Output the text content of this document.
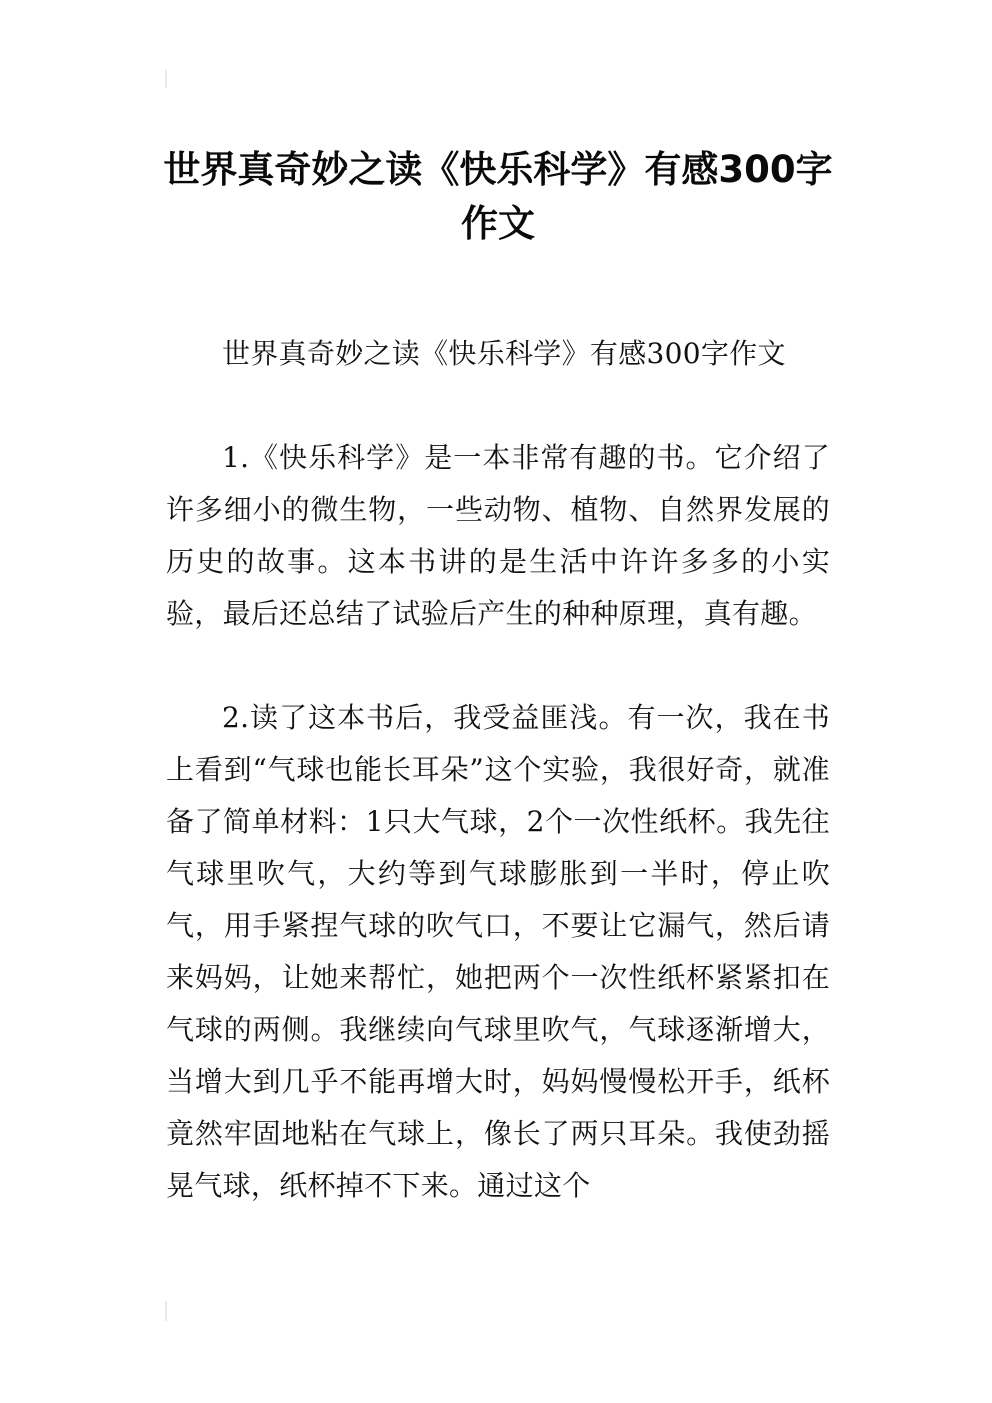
世界真奇妙之读《快乐科学》有感300字作文

世界真奇妙之读《快乐科学》有感300字作文

1.《快乐科学》是一本非常有趣的书。它介绍了许多细小的微生物，一些动物、植物、自然界发展的历史的故事。这本书讲的是生活中许许多多的小实验，最后还总结了试验后产生的种种原理，真有趣。

2.读了这本书后，我受益匪浅。有一次，我在书上看到“气球也能长耳朵”这个实验，我很好奇，就准备了简单材料：1只大气球，2个一次性纸杯。我先往气球里吹气，大约等到气球膨胀到一半时，停止吹气，用手紧捏气球的吹气口，不要让它漏气，然后请来妈妈，让她来帮忙，她把两个一次性纸杯紧紧扣在气球的两侧。我继续向气球里吹气，气球逐渐增大，当增大到几乎不能再增大时，妈妈慢慢松开手，纸杯竟然牢固地粘在气球上，像长了两只耳朵。我使劲摇晃气球，纸杯掉不下来。通过这个
